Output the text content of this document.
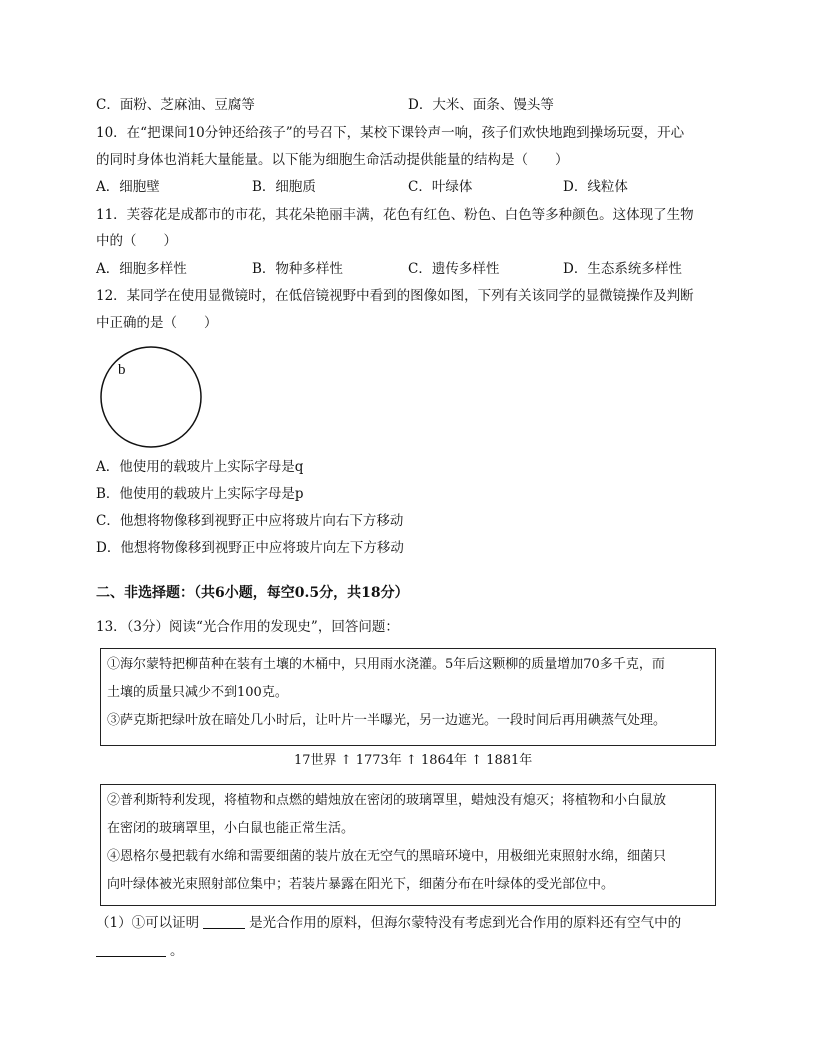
C．面粉、芝麻油、豆腐等	D．大米、面条、馒头等
10．在“把课间10分钟还给孩子”的号召下，某校下课铃声一响，孩子们欢快地跑到操场玩耍，开心
的同时身体也消耗大量能量。以下能为细胞生命活动提供能量的结构是（　　）
A．细胞壁	B．细胞质	C．叶绿体	D．线粒体
11．芙蓉花是成都市的市花，其花朵艳丽丰满，花色有红色、粉色、白色等多种颜色。这体现了生物
中的（　　）
A．细胞多样性	B．物种多样性	C．遗传多样性	D．生态系统多样性
12．某同学在使用显微镜时，在低倍镜视野中看到的图像如图，下列有关该同学的显微镜操作及判断
中正确的是（　　）
b
A．他使用的载玻片上实际字母是q
B．他使用的载玻片上实际字母是p
C．他想将物像移到视野正中应将玻片向右下方移动
D．他想将物像移到视野正中应将玻片向左下方移动
二、非选择题：（共6小题，每空0.5分，共18分）
13．（3分）阅读“光合作用的发现史”，回答问题：
①海尔蒙特把柳苗种在装有土壤的木桶中，只用雨水浇灌。5年后这颗柳的质量增加70多千克，而
土壤的质量只减少不到100克。
③萨克斯把绿叶放在暗处几小时后，让叶片一半曝光，另一边遮光。一段时间后再用碘蒸气处理。
17世界 ↑ 1773年 ↑ 1864年 ↑ 1881年
②普利斯特利发现，将植物和点燃的蜡烛放在密闭的玻璃罩里，蜡烛没有熄灭；将植物和小白鼠放
在密闭的玻璃罩里，小白鼠也能正常生活。
④恩格尔曼把载有水绵和需要细菌的装片放在无空气的黑暗环境中，用极细光束照射水绵，细菌只
向叶绿体被光束照射部位集中；若装片暴露在阳光下，细菌分布在叶绿体的受光部位中。
（1）①可以证明	是光合作用的原料，但海尔蒙特没有考虑到光合作用的原料还有空气中的
。
